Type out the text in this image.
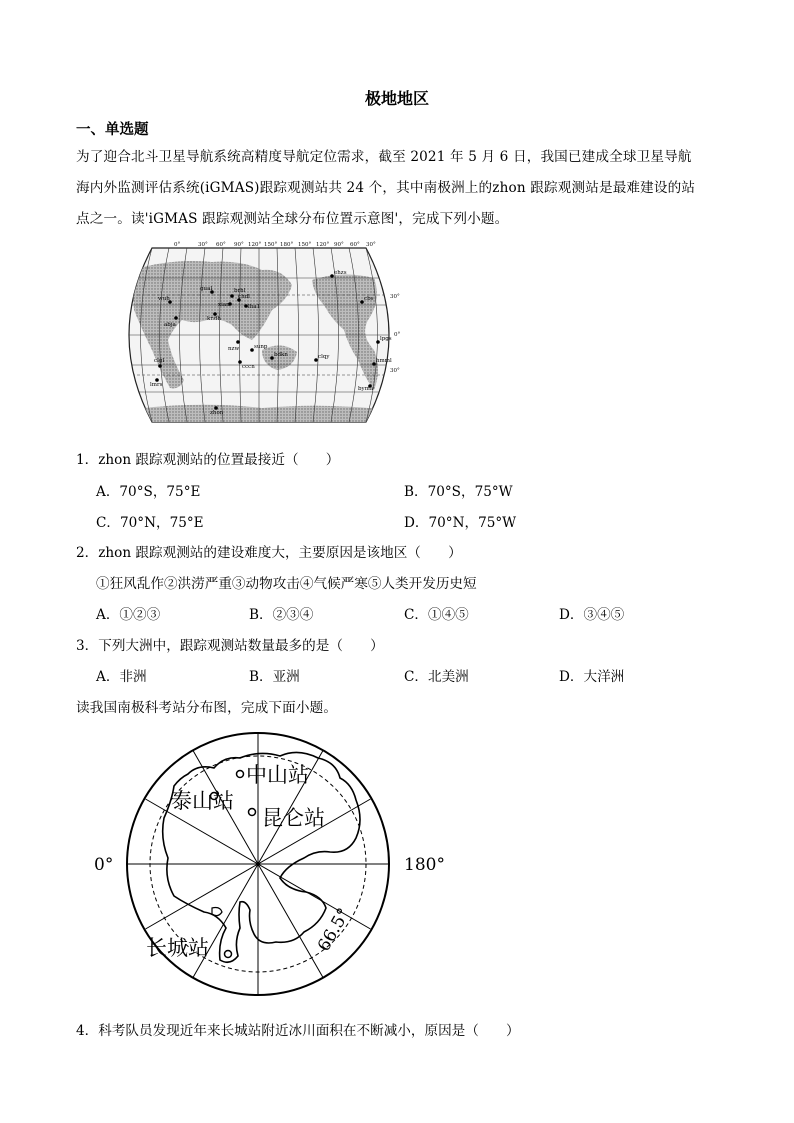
极地地区
一、单选题
为了迎合北斗卫星导航系统高精度导航定位需求，截至 2021 年 5 月 6 日，我国已建成全球卫星导航
海内外监测评估系统(iGMAS)跟踪观测站共 24 个，其中南极洲上的zhon 跟踪观测站是最难建设的站
点之一。读'iGMAS 跟踪观测站全球分布位置示意图'，完成下列小题。
0°	30° 60° 90° 120° 150° 180° 150° 120° 90° 60° 30°
30°
0°
30°
gual	brhl
chdl
xian	lha1
kndh
wuh
abja
clgl
nzw	sunp
bdkn	clqy
cbs
lpgs
hmml
byma
ehzs
zhon
cccn
lmrs
1．zhon 跟踪观测站的位置最接近（　　）
A．70°S，75°E	B．70°S，75°W
C．70°N，75°E	D．70°N，75°W
2．zhon 跟踪观测站的建设难度大，主要原因是该地区（　　）
①狂风乱作②洪涝严重③动物攻击④气候严寒⑤人类开发历史短
A．①②③	B．②③④	C．①④⑤	D．③④⑤
3．下列大洲中，跟踪观测站数量最多的是（　　）
A．非洲	B．亚洲	C．北美洲	D．大洋洲
读我国南极科考站分布图，完成下面小题。
中山站
泰山站
昆仑站
长城站
0°	180°
66.5°
4．科考队员发现近年来长城站附近冰川面积在不断减小，原因是（　　）
